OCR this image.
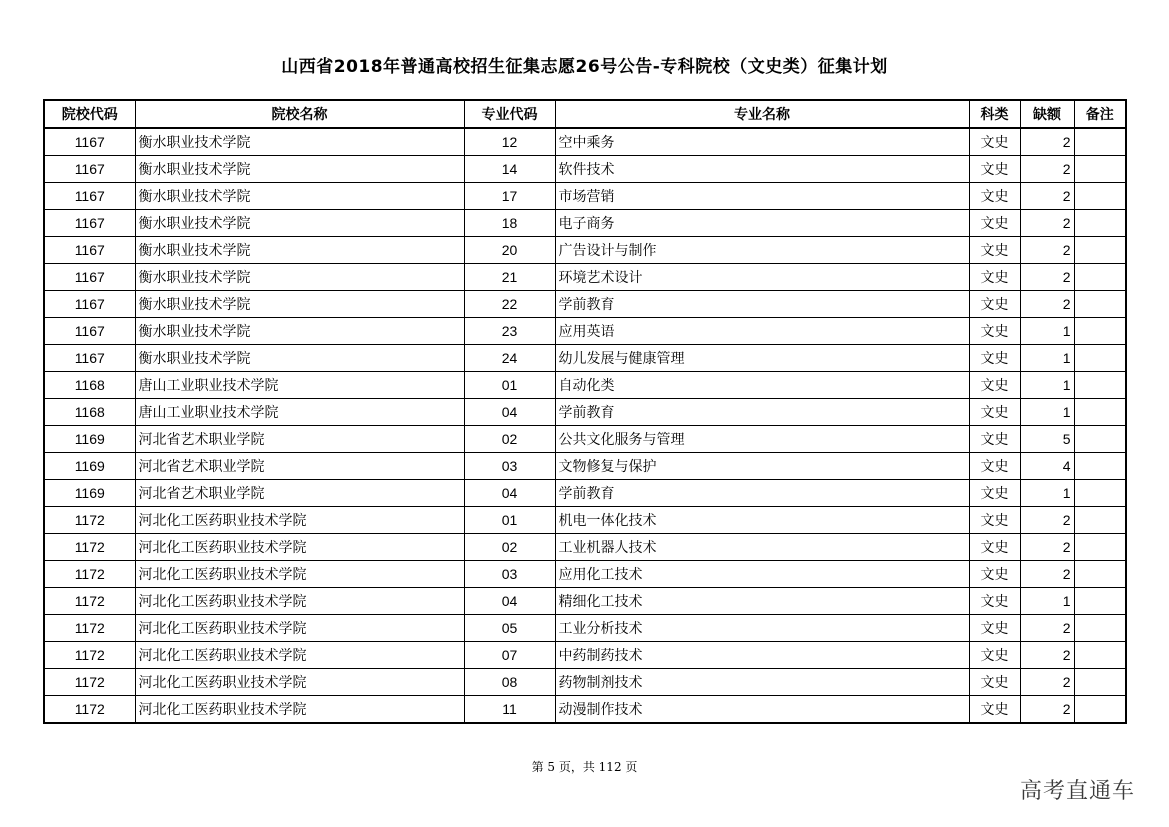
山西省2018年普通高校招生征集志愿26号公告-专科院校（文史类）征集计划
院校代码	院校名称	专业代码	专业名称	科类	缺额	备注
1167	衡水职业技术学院	12	空中乘务	文史	2	
1167	衡水职业技术学院	14	软件技术	文史	2	
1167	衡水职业技术学院	17	市场营销	文史	2	
1167	衡水职业技术学院	18	电子商务	文史	2	
1167	衡水职业技术学院	20	广告设计与制作	文史	2	
1167	衡水职业技术学院	21	环境艺术设计	文史	2	
1167	衡水职业技术学院	22	学前教育	文史	2	
1167	衡水职业技术学院	23	应用英语	文史	1	
1167	衡水职业技术学院	24	幼儿发展与健康管理	文史	1	
1168	唐山工业职业技术学院	01	自动化类	文史	1	
1168	唐山工业职业技术学院	04	学前教育	文史	1	
1169	河北省艺术职业学院	02	公共文化服务与管理	文史	5	
1169	河北省艺术职业学院	03	文物修复与保护	文史	4	
1169	河北省艺术职业学院	04	学前教育	文史	1	
1172	河北化工医药职业技术学院	01	机电一体化技术	文史	2	
1172	河北化工医药职业技术学院	02	工业机器人技术	文史	2	
1172	河北化工医药职业技术学院	03	应用化工技术	文史	2	
1172	河北化工医药职业技术学院	04	精细化工技术	文史	1	
1172	河北化工医药职业技术学院	05	工业分析技术	文史	2	
1172	河北化工医药职业技术学院	07	中药制药技术	文史	2	
1172	河北化工医药职业技术学院	08	药物制剂技术	文史	2	
1172	河北化工医药职业技术学院	11	动漫制作技术	文史	2	
第 5 页，共 112 页
高考直通车
